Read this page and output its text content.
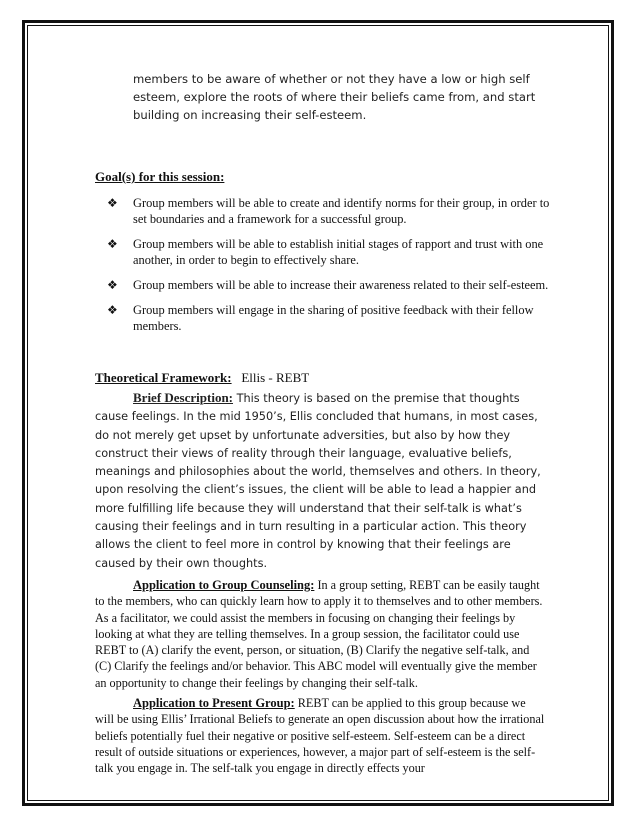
members to be aware of whether or not they have a low or high self esteem, explore the roots of where their beliefs came from, and start building on increasing their self-esteem.
Goal(s) for this session:
❖ Group members will be able to create and identify norms for their group, in order to set boundaries and a framework for a successful group.
❖ Group members will be able to establish initial stages of rapport and trust with one another, in order to begin to effectively share.
❖ Group members will be able to increase their awareness related to their self-esteem.
❖ Group members will engage in the sharing of positive feedback with their fellow members.
Theoretical Framework: Ellis - REBT
Brief Description: This theory is based on the premise that thoughts cause feelings. In the mid 1950’s, Ellis concluded that humans, in most cases, do not merely get upset by unfortunate adversities, but also by how they construct their views of reality through their language, evaluative beliefs, meanings and philosophies about the world, themselves and others. In theory, upon resolving the client’s issues, the client will be able to lead a happier and more fulfilling life because they will understand that their self-talk is what’s causing their feelings and in turn resulting in a particular action. This theory allows the client to feel more in control by knowing that their feelings are caused by their own thoughts.
Application to Group Counseling: In a group setting, REBT can be easily taught to the members, who can quickly learn how to apply it to themselves and to other members. As a facilitator, we could assist the members in focusing on changing their feelings by looking at what they are telling themselves. In a group session, the facilitator could use REBT to (A) clarify the event, person, or situation, (B) Clarify the negative self-talk, and (C) Clarify the feelings and/or behavior. This ABC model will eventually give the member an opportunity to change their feelings by changing their self-talk.
Application to Present Group: REBT can be applied to this group because we will be using Ellis’ Irrational Beliefs to generate an open discussion about how the irrational beliefs potentially fuel their negative or positive self-esteem. Self-esteem can be a direct result of outside situations or experiences, however, a major part of self-esteem is the self-talk you engage in. The self-talk you engage in directly effects your
